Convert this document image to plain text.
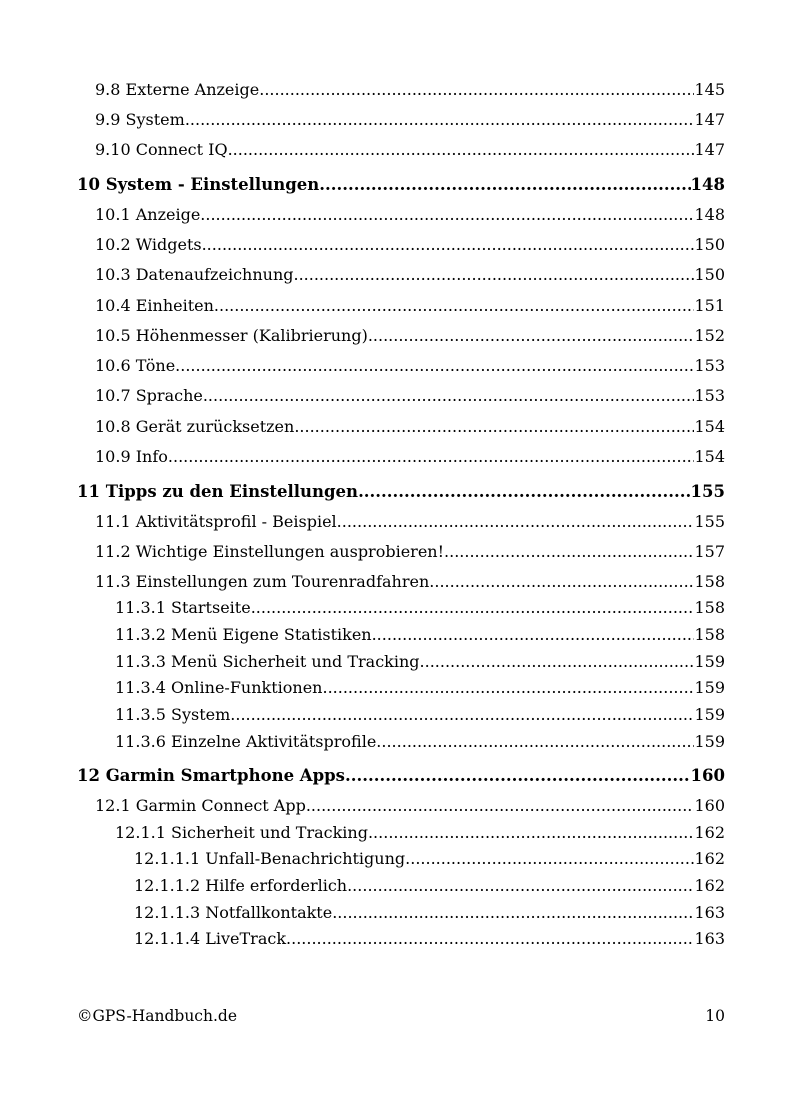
9.8 Externe Anzeige .....	145
9.9 System .....	147
9.10 Connect IQ .....	147
10 System - Einstellungen .....	148
10.1 Anzeige .....	148
10.2 Widgets .....	150
10.3 Datenaufzeichnung .....	150
10.4 Einheiten .....	151
10.5 Höhenmesser (Kalibrierung) .....	152
10.6 Töne .....	153
10.7 Sprache .....	153
10.8 Gerät zurücksetzen .....	154
10.9 Info .....	154
11 Tipps zu den Einstellungen .....	155
11.1 Aktivitätsprofil - Beispiel .....	155
11.2 Wichtige Einstellungen ausprobieren! .....	157
11.3 Einstellungen zum Tourenradfahren .....	158
11.3.1 Startseite .....	158
11.3.2 Menü Eigene Statistiken .....	158
11.3.3 Menü Sicherheit und Tracking .....	159
11.3.4 Online-Funktionen .....	159
11.3.5 System .....	159
11.3.6 Einzelne Aktivitätsprofile .....	159
12 Garmin Smartphone Apps .....	160
12.1 Garmin Connect App .....	160
12.1.1 Sicherheit und Tracking .....	162
12.1.1.1 Unfall-Benachrichtigung .....	162
12.1.1.2 Hilfe erforderlich .....	162
12.1.1.3 Notfallkontakte .....	163
12.1.1.4 LiveTrack .....	163
©GPS-Handbuch.de	10
